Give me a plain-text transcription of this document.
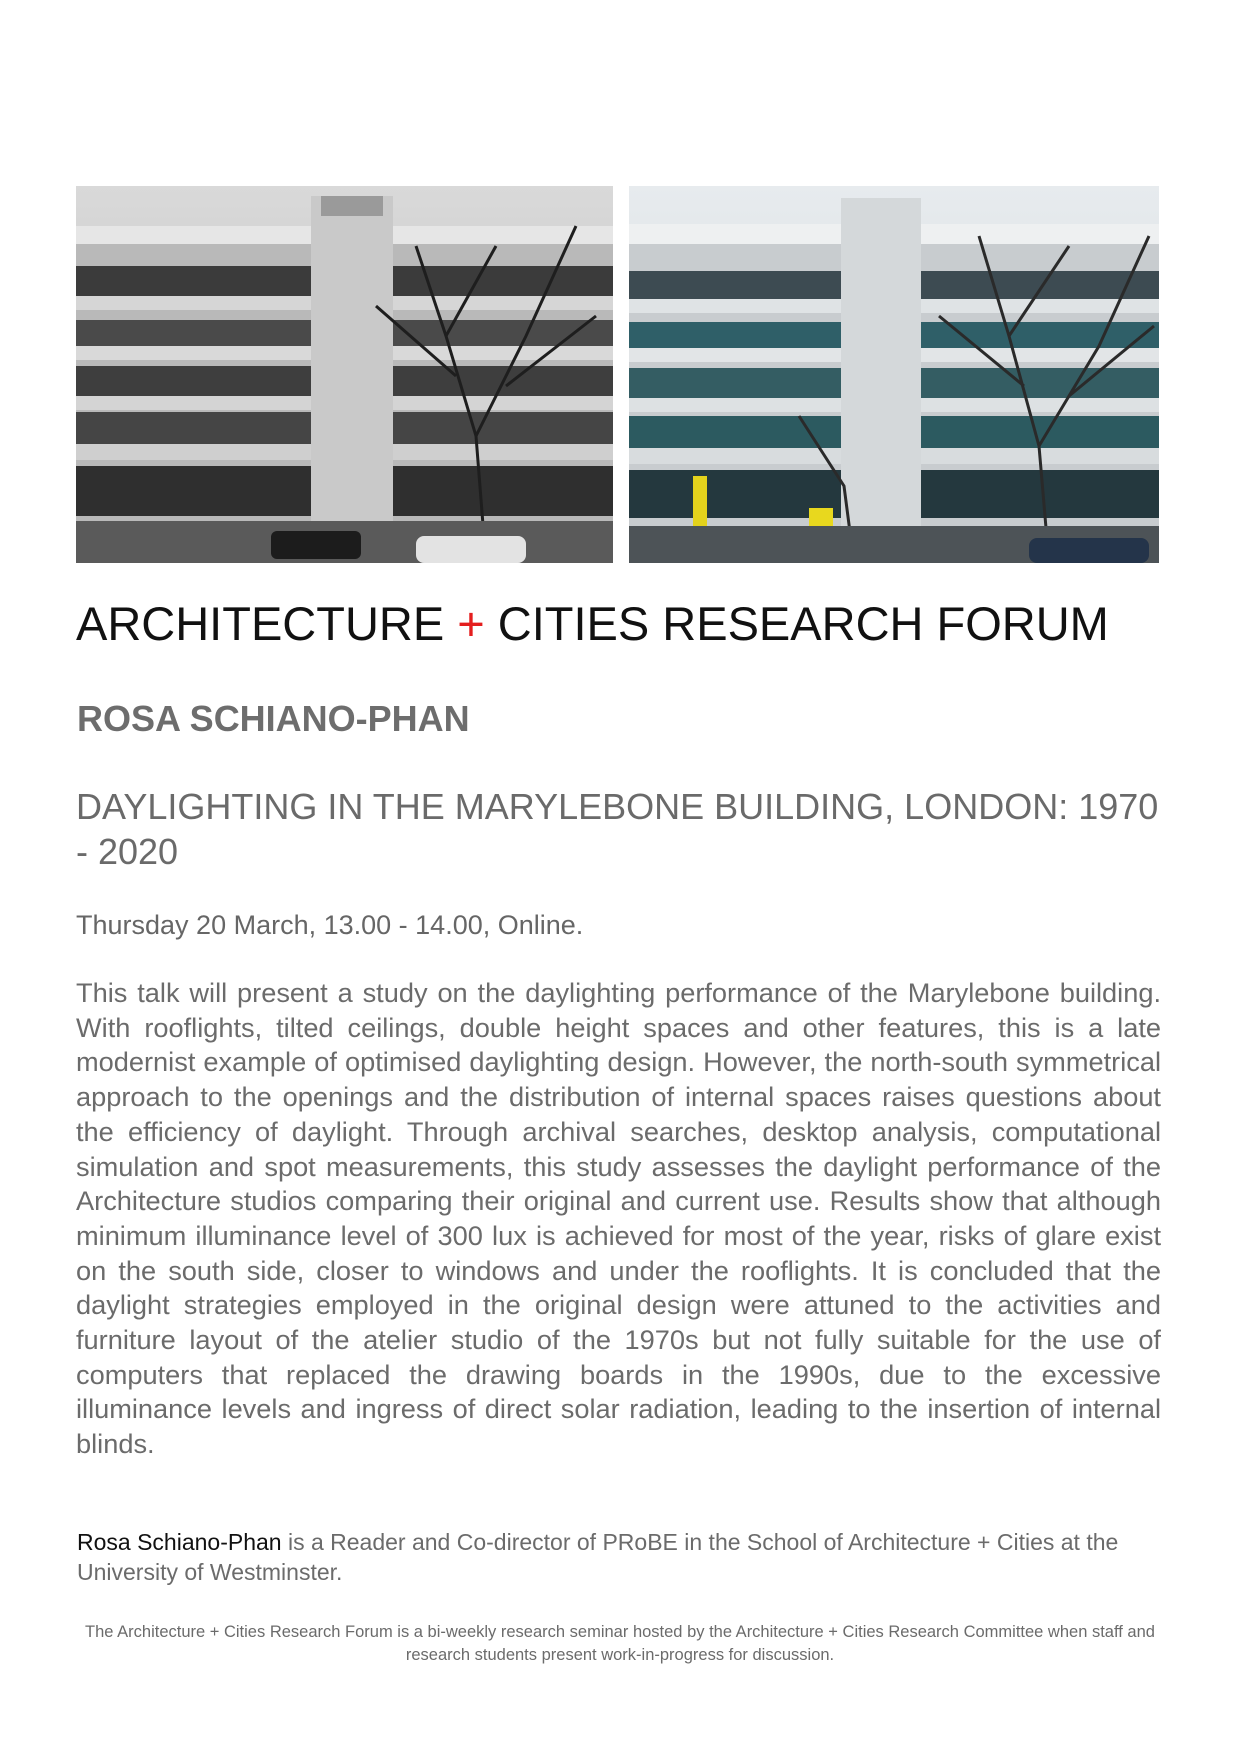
ARCHITECTURE + CITIES RESEARCH FORUM
ROSA SCHIANO-PHAN
DAYLIGHTING IN THE MARYLEBONE BUILDING, LONDON: 1970 - 2020
Thursday 20 March, 13.00 - 14.00, Online.
This talk will present a study on the daylighting performance of the Marylebone building. With rooflights, tilted ceilings, double height spaces and other features, this is a late modernist example of optimised daylighting design. However, the north-south symmetrical approach to the openings and the distribution of internal spaces raises questions about the efficiency of daylight. Through archival searches, desktop analysis, computational simulation and spot measurements, this study assesses the daylight performance of the Architecture studios comparing their original and current use. Results show that although minimum illuminance level of 300 lux is achieved for most of the year, risks of glare exist on the south side, closer to windows and under the rooflights. It is concluded that the daylight strategies employed in the original design were attuned to the activities and furniture layout of the atelier studio of the 1970s but not fully suitable for the use of computers that replaced the drawing boards in the 1990s, due to the excessive illuminance levels and ingress of direct solar radiation, leading to the insertion of internal blinds.
Rosa Schiano-Phan is a Reader and Co-director of PRoBE in the School of Architecture + Cities at the University of Westminster.
The Architecture + Cities Research Forum is a bi-weekly research seminar hosted by the Architecture + Cities Research Committee when staff and research students present work-in-progress for discussion.
